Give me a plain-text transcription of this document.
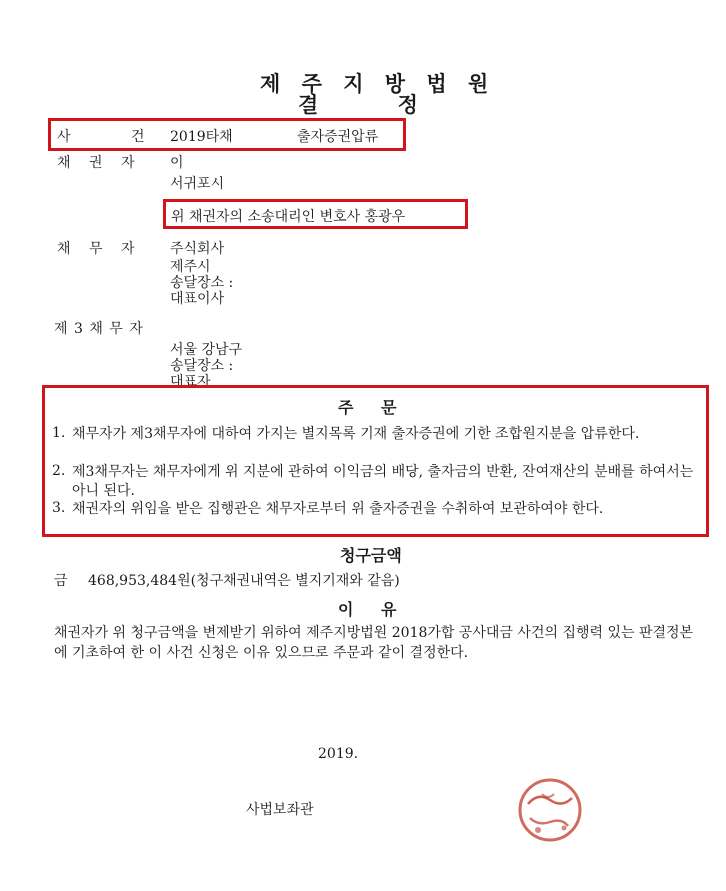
제 주 지 방 법 원
결 정
사 건 2019타채	출자증권압류
채 권 자	이
서귀포시
위 채권자의 소송대리인 변호사 홍광우
채 무 자	주식회사
제주시
송달장소 :
대표이사
제 3 채 무 자
서울 강남구
송달장소 :
대표자
주 문
1. 채무자가 제3채무자에 대하여 가지는 별지목록 기재 출자증권에 기한 조합원지분을 압류한다.
2. 제3채무자는 채무자에게 위 지분에 관하여 이익금의 배당, 출자금의 반환, 잔여재산의 분배를 하여서는 아니 된다.
3. 채권자의 위임을 받은 집행관은 채무자로부터 위 출자증권을 수취하여 보관하여야 한다.
청구금액
금 468,953,484원(청구채권내역은 별지기재와 같음)
이 유
채권자가 위 청구금액을 변제받기 위하여 제주지방법원 2018가합 공사대금 사건의 집행력 있는 판결정본에 기초하여 한 이 사건 신청은 이유 있으므로 주문과 같이 결정한다.
2019.
사법보좌관
